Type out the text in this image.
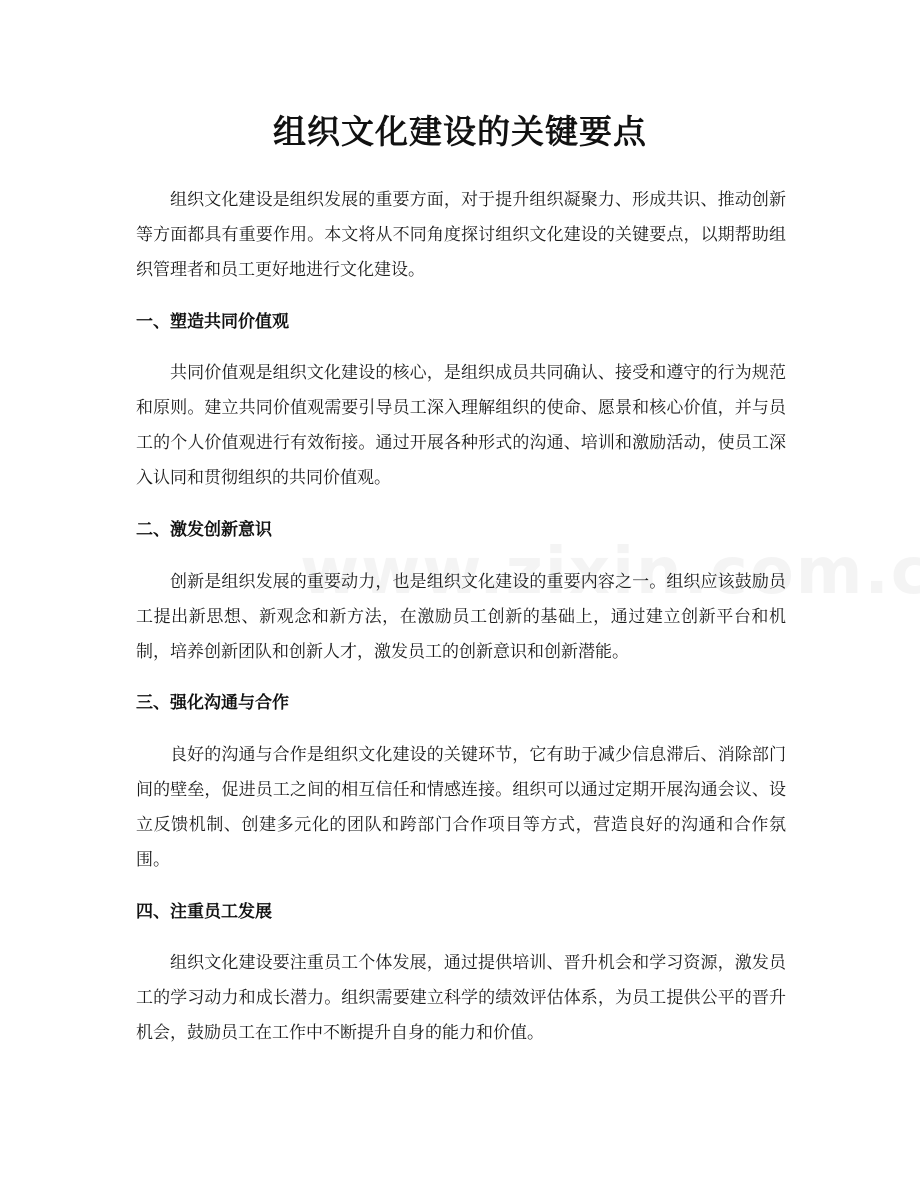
组织文化建设的关键要点
组织文化建设是组织发展的重要方面，对于提升组织凝聚力、形成共识、推动创新等方面都具有重要作用。本文将从不同角度探讨组织文化建设的关键要点，以期帮助组织管理者和员工更好地进行文化建设。
一、塑造共同价值观
共同价值观是组织文化建设的核心，是组织成员共同确认、接受和遵守的行为规范和原则。建立共同价值观需要引导员工深入理解组织的使命、愿景和核心价值，并与员工的个人价值观进行有效衔接。通过开展各种形式的沟通、培训和激励活动，使员工深入认同和贯彻组织的共同价值观。
二、激发创新意识
创新是组织发展的重要动力，也是组织文化建设的重要内容之一。组织应该鼓励员工提出新思想、新观念和新方法，在激励员工创新的基础上，通过建立创新平台和机制，培养创新团队和创新人才，激发员工的创新意识和创新潜能。
三、强化沟通与合作
良好的沟通与合作是组织文化建设的关键环节，它有助于减少信息滞后、消除部门间的壁垒，促进员工之间的相互信任和情感连接。组织可以通过定期开展沟通会议、设立反馈机制、创建多元化的团队和跨部门合作项目等方式，营造良好的沟通和合作氛围。
四、注重员工发展
组织文化建设要注重员工个体发展，通过提供培训、晋升机会和学习资源，激发员工的学习动力和成长潜力。组织需要建立科学的绩效评估体系，为员工提供公平的晋升机会，鼓励员工在工作中不断提升自身的能力和价值。
